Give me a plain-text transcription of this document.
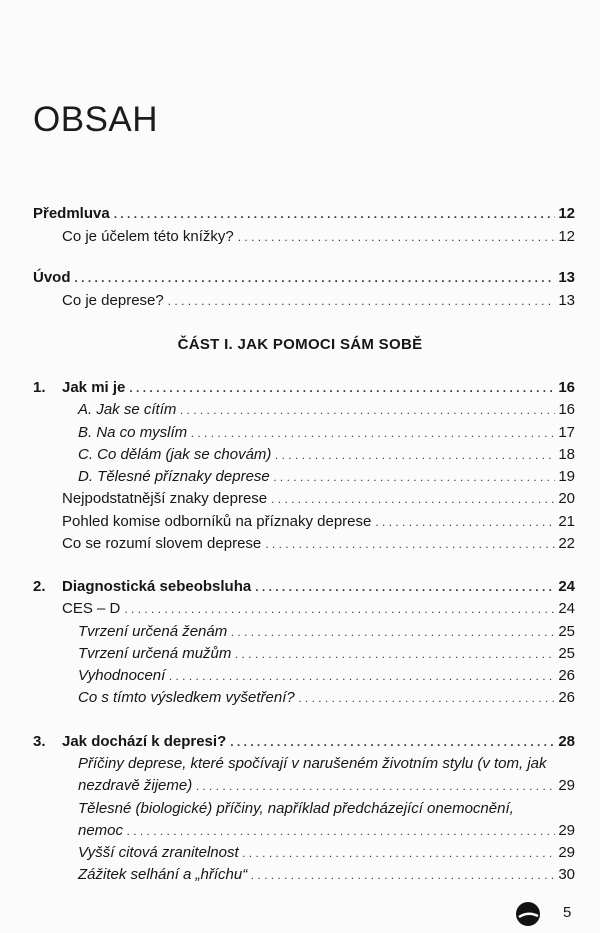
OBSAH
Předmluva . . .	12
Co je účelem této knížky? . . .	12
Úvod . . .	13
Co je deprese? . . .	13
ČÁST I. JAK POMOCI SÁM SOBĚ
1. Jak mi je . . .	16
A. Jak se cítím . . .	16
B. Na co myslím . . .	17
C. Co dělám (jak se chovám) . . .	18
D. Tělesné příznaky deprese . . .	19
Nejpodstatnější znaky deprese . . .	20
Pohled komise odborníků na příznaky deprese . . .	21
Co se rozumí slovem deprese . . .	22
2. Diagnostická sebeobsluha . . .	24
CES – D . . .	24
Tvrzení určená ženám . . .	25
Tvrzení určená mužům . . .	25
Vyhodnocení . . .	26
Co s tímto výsledkem vyšetření? . . .	26
3. Jak dochází k depresi? . . .	28
Příčiny deprese, které spočívají v narušeném životním stylu (v tom, jak
nezdravě žijeme) . . .	29
Tělesné (biologické) příčiny, například předcházející onemocnění,
nemoc . . .	29
Vyšší citová zranitelnost . . .	29
Zážitek selhání a „hříchu“ . . .	30
5
